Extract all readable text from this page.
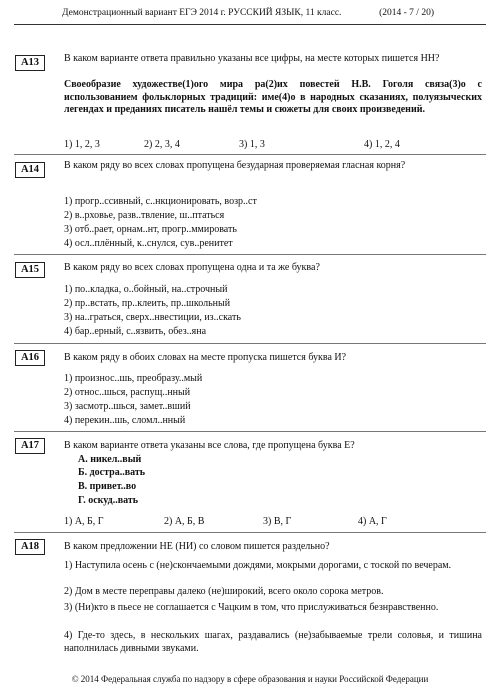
Демонстрационный вариант ЕГЭ 2014 г. РУССКИЙ ЯЗЫК, 11 класс.	(2014 - 7 / 20)
A13	В каком варианте ответа правильно указаны все цифры, на месте которых пишется НН?
Своеобразие художестве(1)ого мира ра(2)их повестей Н.В. Гоголя связа(3)о с использованием фольклорных традиций: име(4)о в народных сказаниях, полуязыческих легендах и преданиях писатель нашёл темы и сюжеты для своих произведений.
1) 1, 2, 3	2) 2, 3, 4	3) 1, 3	4) 1, 2, 4
A14	В каком ряду во всех словах пропущена безударная проверяемая гласная корня?
1) прогр..ссивный, с..нкционировать, возр..ст
2) в..рховье, разв..твление, ш..птаться
3) отб..рает, орнам..нт, прогр..ммировать
4) осл..плённый, к..снулся, сув..ренитет
A15	В каком ряду во всех словах пропущена одна и та же буква?
1) по..кладка, о..бойный, на..строчный
2) пр..встать, пр..клеить, пр..школьный
3) на..граться, сверх..нвестиции, из..скать
4) бар..ерный, с..язвить, обез..яна
A16	В каком ряду в обоих словах на месте пропуска пишется буква И?
1) произнос..шь, преобразу..мый
2) относ..шься, распущ..нный
3) засмотр..шься, замет..вший
4) перекин..шь, сломл..нный
A17	В каком варианте ответа указаны все слова, где пропущена буква Е?
А. никел..вый
Б. достра..вать
В. привет..во
Г. оскуд..вать
1) А, Б, Г	2) А, Б, В	3) В, Г	4) А, Г
A18	В каком предложении НЕ (НИ) со словом пишется раздельно?
1) Наступила осень с (не)скончаемыми дождями, мокрыми дорогами, с тоской по вечерам.
2) Дом в месте переправы далеко (не)широкий, всего около сорока метров.
3) (Ни)кто в пьесе не соглашается с Чацким в том, что прислуживаться безнравственно.
4) Где-то здесь, в нескольких шагах, раздавались (не)забываемые трели соловья, и тишина наполнилась дивными звуками.
© 2014 Федеральная служба по надзору в сфере образования и науки Российской Федерации
